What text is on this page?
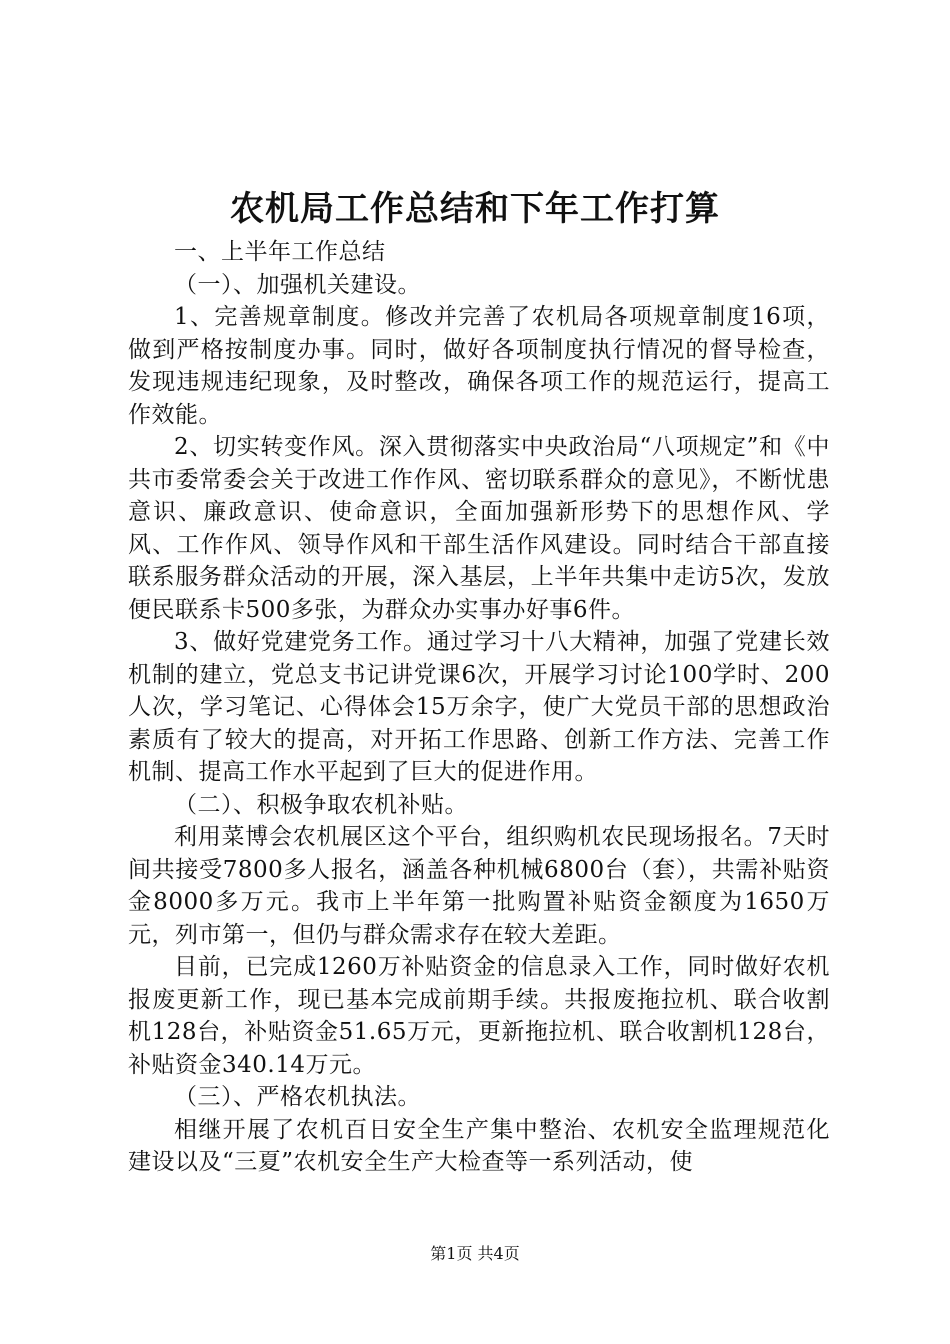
农机局工作总结和下年工作打算

一、上半年工作总结

（一）、加强机关建设。

1、完善规章制度。修改并完善了农机局各项规章制度16项，做到严格按制度办事。同时，做好各项制度执行情况的督导检查，发现违规违纪现象，及时整改，确保各项工作的规范运行，提高工作效能。

2、切实转变作风。深入贯彻落实中央政治局“八项规定”和《中共市委常委会关于改进工作作风、密切联系群众的意见》，不断忧患意识、廉政意识、使命意识，全面加强新形势下的思想作风、学风、工作作风、领导作风和干部生活作风建设。同时结合干部直接联系服务群众活动的开展，深入基层，上半年共集中走访5次，发放便民联系卡500多张，为群众办实事办好事6件。

3、做好党建党务工作。通过学习十八大精神，加强了党建长效机制的建立，党总支书记讲党课6次，开展学习讨论100学时、200人次，学习笔记、心得体会15万余字，使广大党员干部的思想政治素质有了较大的提高，对开拓工作思路、创新工作方法、完善工作机制、提高工作水平起到了巨大的促进作用。

（二）、积极争取农机补贴。

利用菜博会农机展区这个平台，组织购机农民现场报名。7天时间共接受7800多人报名，涵盖各种机械6800台（套），共需补贴资金8000多万元。我市上半年第一批购置补贴资金额度为1650万元，列市第一，但仍与群众需求存在较大差距。

目前，已完成1260万补贴资金的信息录入工作，同时做好农机报废更新工作，现已基本完成前期手续。共报废拖拉机、联合收割机128台，补贴资金51.65万元，更新拖拉机、联合收割机128台，补贴资金340.14万元。

（三）、严格农机执法。

相继开展了农机百日安全生产集中整治、农机安全监理规范化建设以及“三夏”农机安全生产大检查等一系列活动，使

第1页 共4页
